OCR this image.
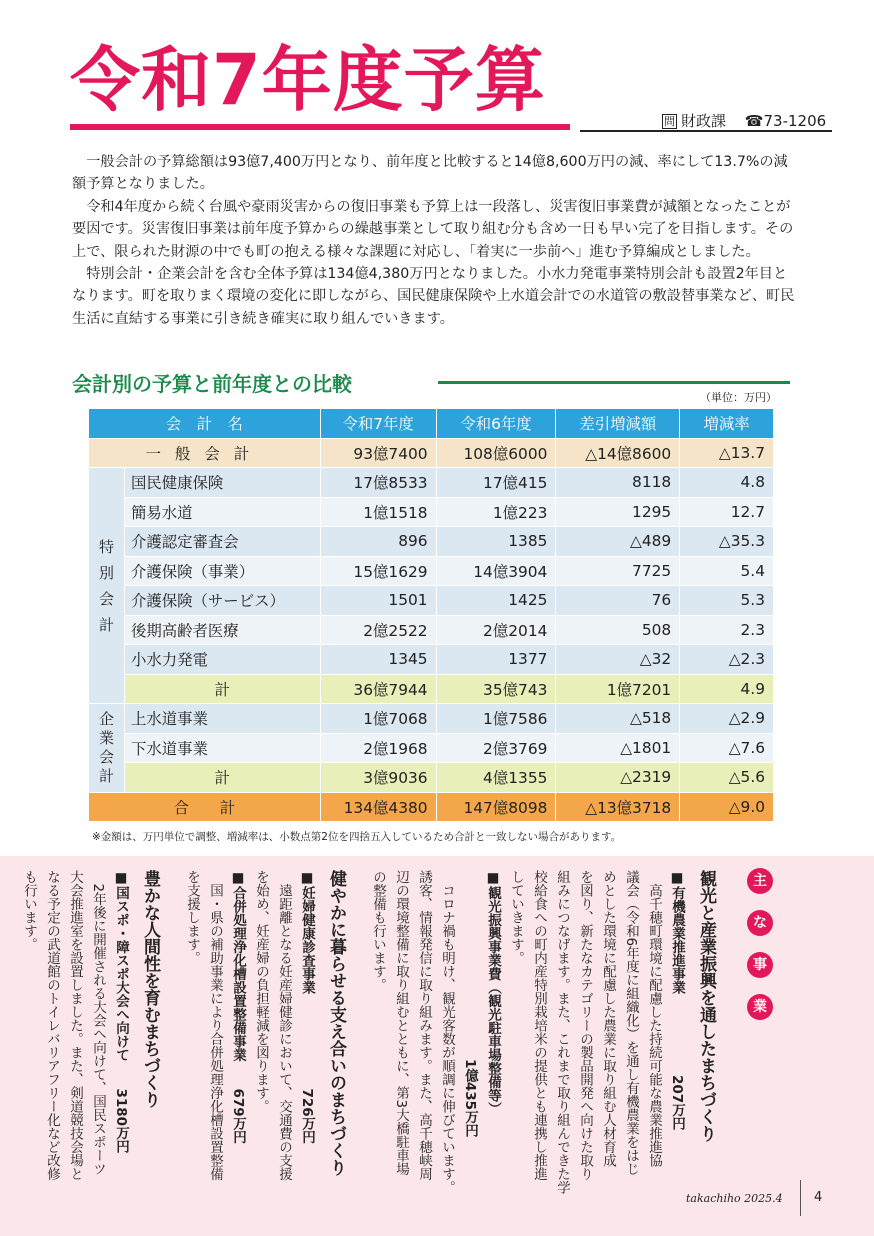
令和7年度予算
問 財政課 ☎73-1206

一般会計の予算総額は93億7,400万円となり、前年度と比較すると14億8,600万円の減、率にして13.7%の減額予算となりました。

令和4年度から続く台風や豪雨災害からの復旧事業も予算上は一段落し、災害復旧事業費が減額となったことが要因です。災害復旧事業は前年度予算からの繰越事業として取り組む分も含め一日も早い完了を目指します。その上で、限られた財源の中でも町の抱える様々な課題に対応し、「着実に一歩前へ」進む予算編成としました。

特別会計・企業会計を含む全体予算は134億4,380万円となりました。小水力発電事業特別会計も設置2年目となります。町を取りまく環境の変化に即しながら、国民健康保険や上水道会計での水道管の敷設替事業など、町民生活に直結する事業に引き続き確実に取り組んでいきます。

会計別の予算と前年度との比較
（単位：万円）
会　計　名		令和7年度	令和6年度	差引増減額	増減率
一般会計		93億7400	108億6000	△14億8600	△13.7
特別会計	国民健康保険	17億8533	17億415	8118	4.8
	簡易水道	1億1518	1億223	1295	12.7
	介護認定審査会	896	1385	△489	△35.3
	介護保険（事業）	15億1629	14億3904	7725	5.4
	介護保険（サービス）	1501	1425	76	5.3
	後期高齢者医療	2億2522	2億2014	508	2.3
	小水力発電	1345	1377	△32	△2.3
	計	36億7944	35億743	1億7201	4.9
企業会計	上水道事業	1億7068	1億7586	△518	△2.9
	下水道事業	2億1968	2億3769	△1801	△7.6
	計	3億9036	4億1355	△2319	△5.6
合　　計		134億4380	147億8098	△13億3718	△9.0
※金額は、万円単位で調整、増減率は、小数点第2位を四捨五入しているため合計と一致しない場合があります。
主
な
事
業
観光と産業振興を通したまちづくり
■有機農業推進事業　　　　　　207万円
　高千穂町環境に配慮した持続可能な農業推進協
議会（令和6年度に組織化）を通し有機農業をはじ
めとした環境に配慮した農業に取り組む人材育成
を図り、新たなカテゴリーの製品開発へ向けた取り
組みにつなげます。また、これまで取り組んできた学
校給食への町内産特別栽培米の提供とも連携し推進
していきます。
■観光振興事業費（観光駐車場整備等）
　　　　　　　　　　　　　　1億435万円
　コロナ禍も明け、観光客数が順調に伸びています。
誘客、情報発信に取り組みます。また、高千穂峡周
辺の環境整備に取り組むとともに、第3大橋駐車場
の整備も行います。
健やかに暮らせる支え合いのまちづくり
■妊婦健康診査事業　　　　　　　726万円
　遠距離となる妊産婦健診において、交通費の支援
を始め、妊産婦の負担軽減を図ります。
■合併処理浄化槽設置整備事業　　679万円
　国・県の補助事業により合併処理浄化槽設置整備
を支援します。
豊かな人間性を育むまちづくり
■国スポ・障スポ大会へ向けて　　3180万円
　2年後に開催される大会へ向けて、国民スポーツ
大会推進室を設置しました。また、剣道競技会場と
なる予定の武道館のトイレバリアフリー化など改修
も行います。
takachiho 2025.4 4
